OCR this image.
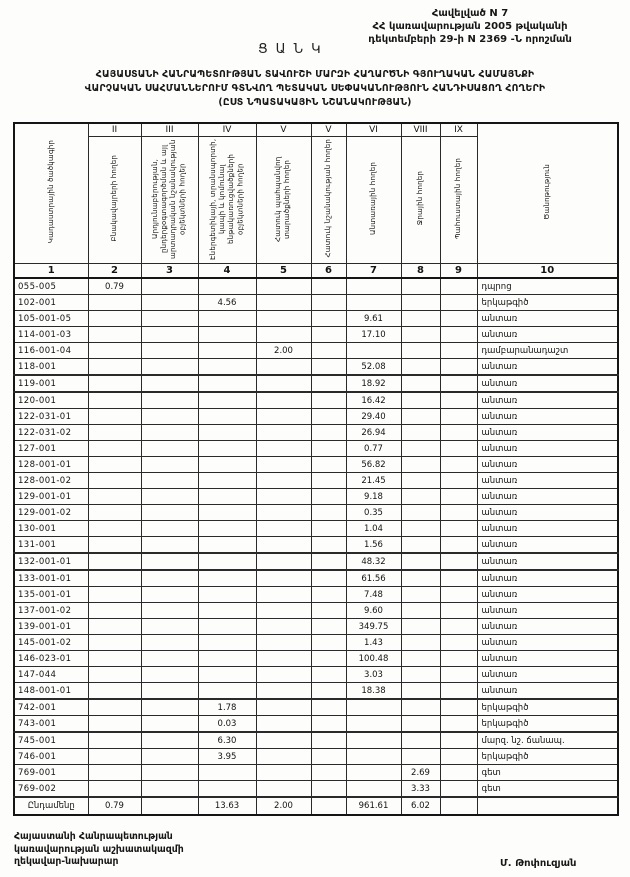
Հավելված N 7
ՀՀ կառավարության 2005 թվականի
դեկտեմբերի 29-ի N 2369 -Ն որոշման
ՑԱՆԿ
ՀԱՅԱՍՏԱՆԻ ՀԱՆՐԱՊԵՏՈՒԹՅԱՆ ՏԱՎՈՒՇԻ ՄԱՐԶԻ ՀԱՂԱՐԾՆԻ ԳՅՈՒՂԱԿԱՆ ՀԱՄԱՅՆՔԻ
ՎԱՐՉԱԿԱՆ ՍԱՀՄԱՆՆԵՐՈՒՄ ԳՏՆՎՈՂ ՊԵՏԱԿԱՆ ՍԵՓԱԿԱՆՈՒԹՅՈՒՆ ՀԱՆԴԻՍԱՑՈՂ ՀՈՂԵՐԻ
(ԸՍՏ ՆՊԱՏԱԿԱՅԻՆ ՆՇԱՆԱԿՈՒԹՅԱՆ)
Կադաստրային ծածկագիր	II	III	IV	V	V	VI	VIII	IX	Ծանոթություն
	Բնակավայրերի հողեր	Արդյունաբերության, ընդերքօգտագործման և այլ արտադրական նշանակության օբյեկտների հողեր	Էներգետիկայի, տրանսպորտի, կապի և կոմունալ ենթակառուցվածքների օբյեկտների հողեր	Հատուկ պահպանվող տարածքների հողեր	Հատուկ նշանակության հողեր	Անտառային հողեր	Ջրային հողեր	Պահուստային հողեր	
1	2	3	4	5	6	7	8	9	10
055-005	0.79								դպրոց
102-001			4.56						երկաթգիծ
105-001-05						9.61			անտառ
114-001-03						17.10			անտառ
116-001-04				2.00					դամբարանադաշտ
118-001						52.08			անտառ
119-001						18.92			անտառ
120-001						16.42			անտառ
122-031-01						29.40			անտառ
122-031-02						26.94			անտառ
127-001						0.77			անտառ
128-001-01						56.82			անտառ
128-001-02						21.45			անտառ
129-001-01						9.18			անտառ
129-001-02						0.35			անտառ
130-001						1.04			անտառ
131-001						1.56			անտառ
132-001-01						48.32			անտառ
133-001-01						61.56			անտառ
135-001-01						7.48			անտառ
137-001-02						9.60			անտառ
139-001-01						349.75			անտառ
145-001-02						1.43			անտառ
146-023-01						100.48			անտառ
147-044						3.03			անտառ
148-001-01						18.38			անտառ
742-001			1.78						երկաթգիծ
743-001			0.03						երկաթգիծ
745-001			6.30						մարզ. նշ. ճանապ.
746-001			3.95						երկաթգիծ
769-001							2.69		գետ
769-002							3.33		գետ
Ընդամենը	0.79		13.63	2.00		961.61	6.02		
Հայաստանի Հանրապետության
կառավարության աշխատակազմի
ղեկավար-նախարար	Մ. Թոփուզյան
